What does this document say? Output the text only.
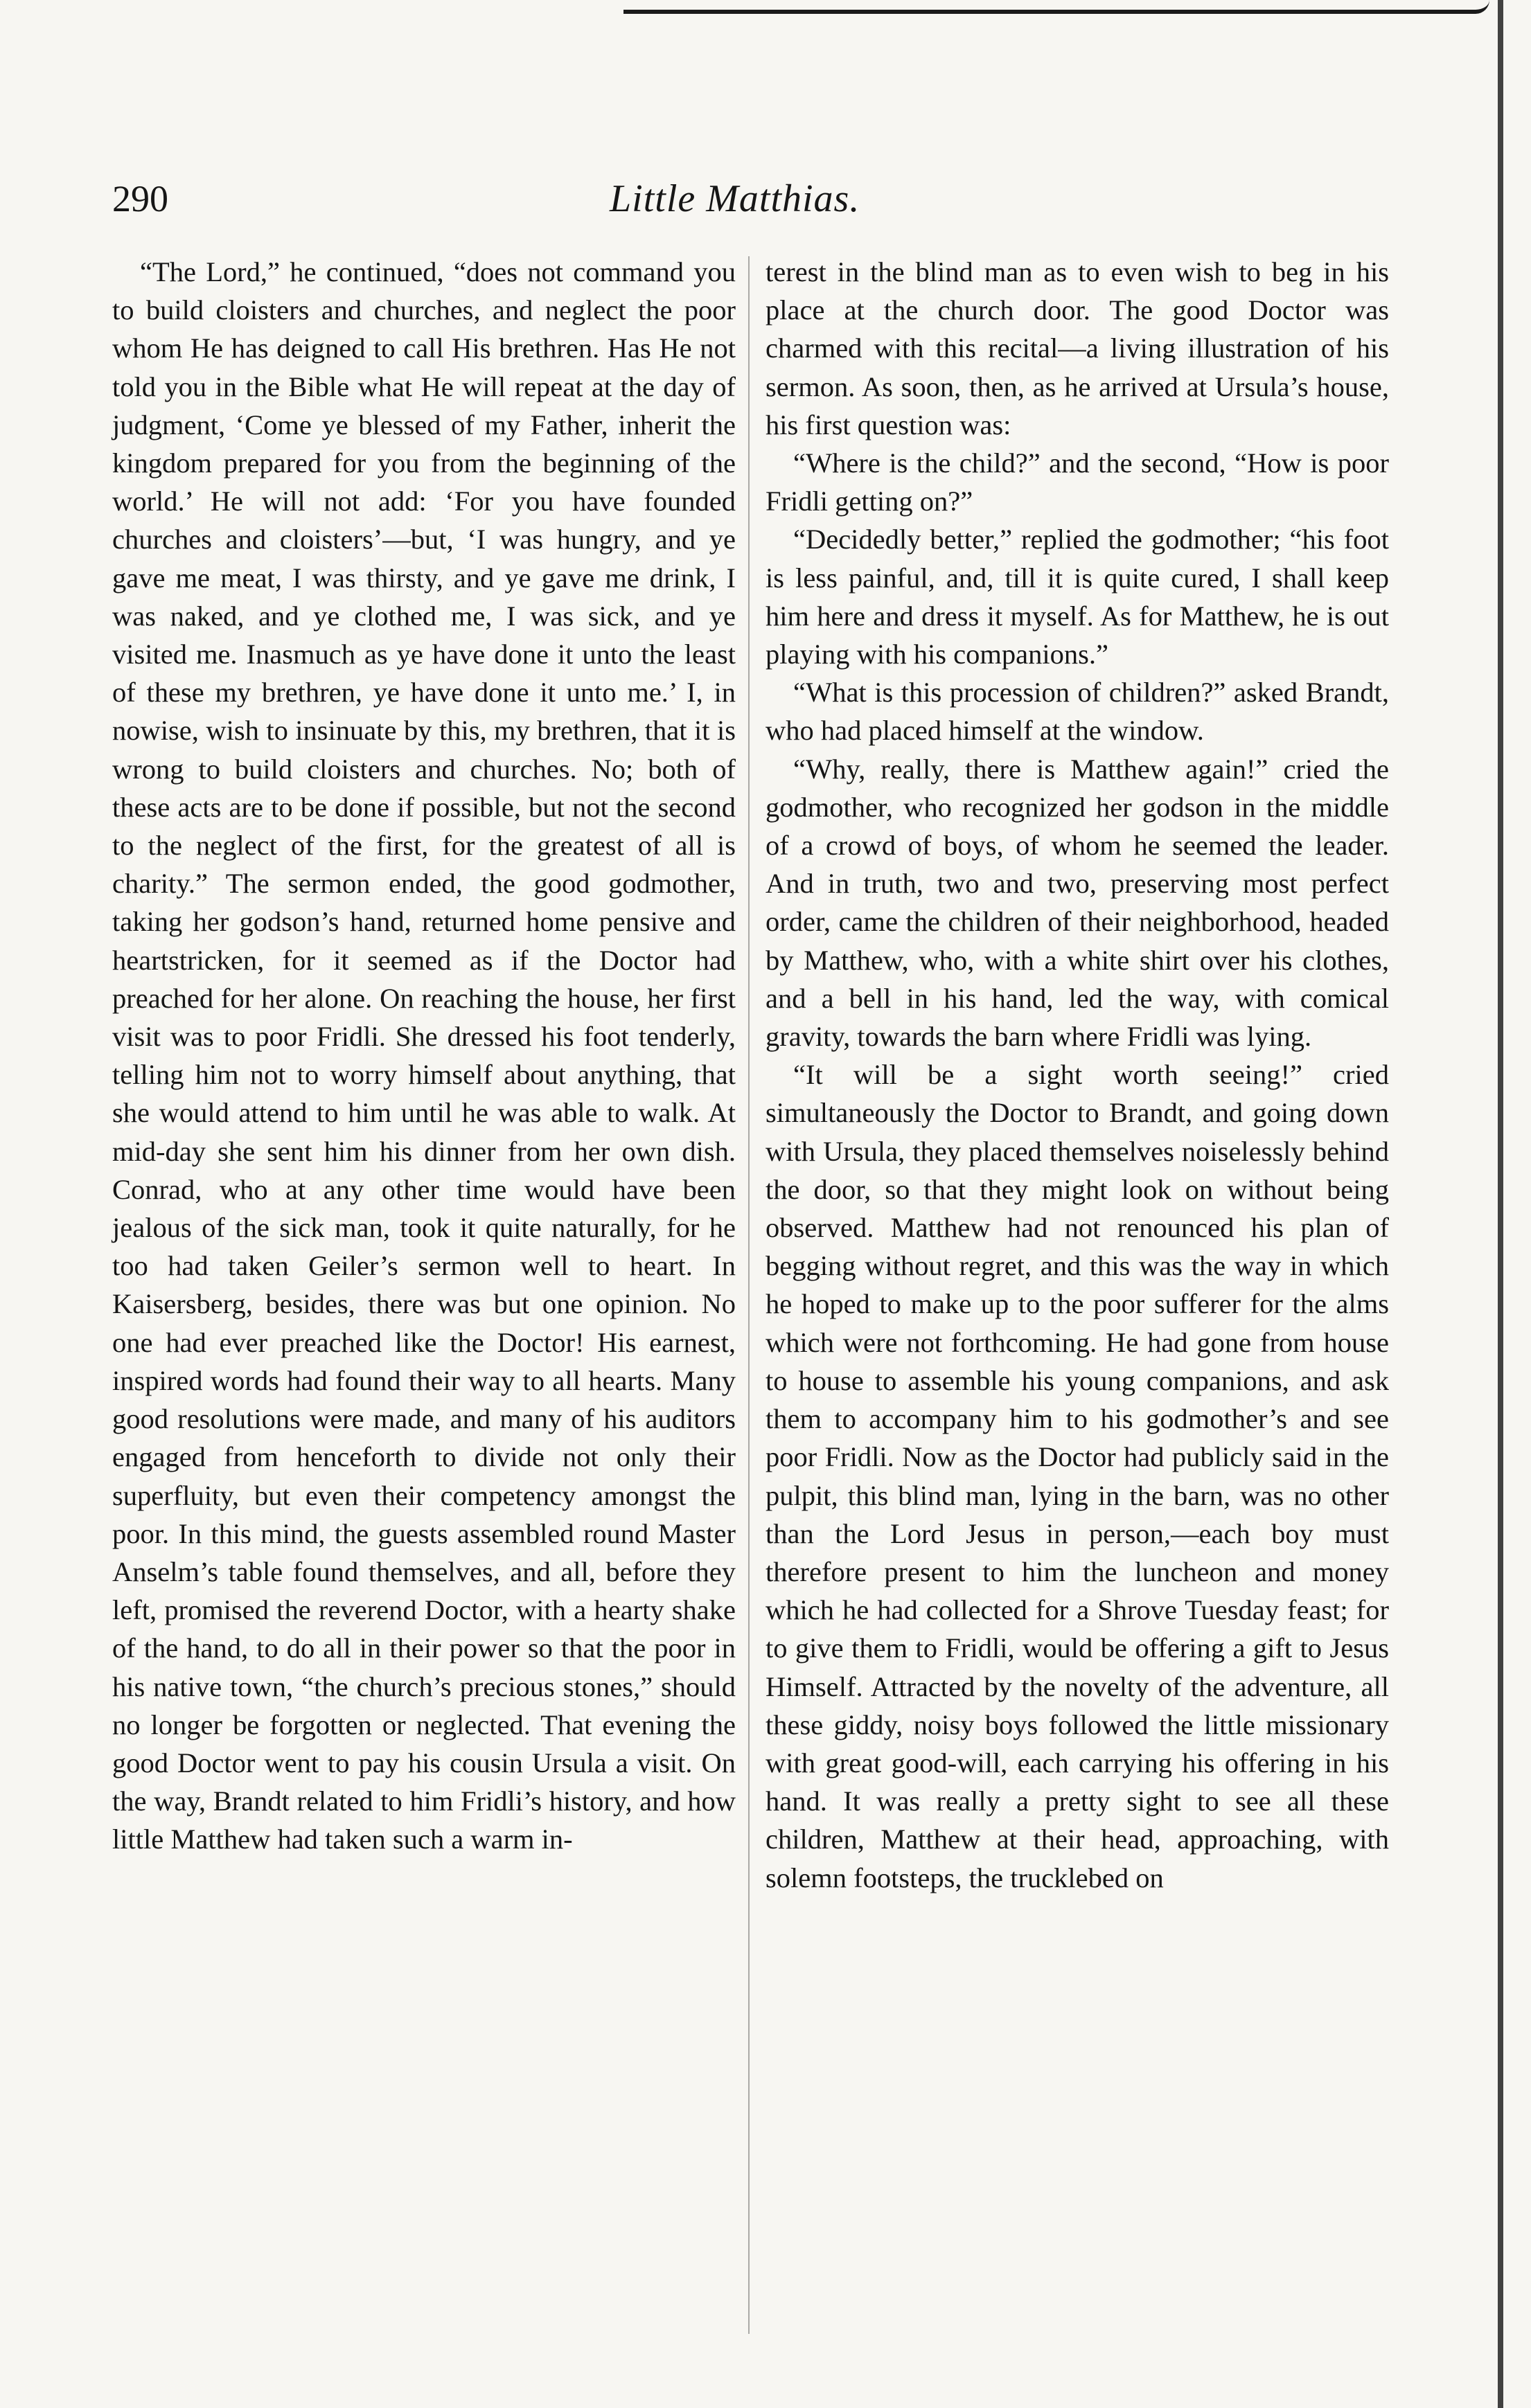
290	Little Matthias.

“The Lord,” he continued, “does not command you to build cloisters and churches, and neglect the poor whom He has deigned to call His brethren. Has He not told you in the Bible what He will repeat at the day of judgment, ‘Come ye blessed of my Father, inherit the kingdom prepared for you from the beginning of the world.’ He will not add: ‘For you have founded churches and cloisters’—but, ‘I was hungry, and ye gave me meat, I was thirsty, and ye gave me drink, I was naked, and ye clothed me, I was sick, and ye visited me. Inasmuch as ye have done it unto the least of these my brethren, ye have done it unto me.’ I, in nowise, wish to insinuate by this, my brethren, that it is wrong to build cloisters and churches. No; both of these acts are to be done if possible, but not the second to the neglect of the first, for the greatest of all is charity.” The sermon ended, the good godmother, taking her godson’s hand, returned home pensive and heartstricken, for it seemed as if the Doctor had preached for her alone. On reaching the house, her first visit was to poor Fridli. She dressed his foot tenderly, telling him not to worry himself about anything, that she would attend to him until he was able to walk. At mid-day she sent him his dinner from her own dish. Conrad, who at any other time would have been jealous of the sick man, took it quite naturally, for he too had taken Geiler’s sermon well to heart. In Kaisersberg, besides, there was but one opinion. No one had ever preached like the Doctor! His earnest, inspired words had found their way to all hearts. Many good resolutions were made, and many of his auditors engaged from henceforth to divide not only their superfluity, but even their competency amongst the poor. In this mind, the guests assembled round Master Anselm’s table found themselves, and all, before they left, promised the reverend Doctor, with a hearty shake of the hand, to do all in their power so that the poor in his native town, “the church’s precious stones,” should no longer be forgotten or neglected. That evening the good Doctor went to pay his cousin Ursula a visit. On the way, Brandt related to him Fridli’s history, and how little Matthew had taken such a warm in-

terest in the blind man as to even wish to beg in his place at the church door. The good Doctor was charmed with this recital—a living illustration of his sermon. As soon, then, as he arrived at Ursula’s house, his first question was:

“Where is the child?” and the second, “How is poor Fridli getting on?”

“Decidedly better,” replied the godmother; “his foot is less painful, and, till it is quite cured, I shall keep him here and dress it myself. As for Matthew, he is out playing with his companions.”

“What is this procession of children?” asked Brandt, who had placed himself at the window.

“Why, really, there is Matthew again!” cried the godmother, who recognized her godson in the middle of a crowd of boys, of whom he seemed the leader. And in truth, two and two, preserving most perfect order, came the children of their neighborhood, headed by Matthew, who, with a white shirt over his clothes, and a bell in his hand, led the way, with comical gravity, towards the barn where Fridli was lying.

“It will be a sight worth seeing!” cried simultaneously the Doctor to Brandt, and going down with Ursula, they placed themselves noiselessly behind the door, so that they might look on without being observed. Matthew had not renounced his plan of begging without regret, and this was the way in which he hoped to make up to the poor sufferer for the alms which were not forthcoming. He had gone from house to house to assemble his young companions, and ask them to accompany him to his godmother’s and see poor Fridli. Now as the Doctor had publicly said in the pulpit, this blind man, lying in the barn, was no other than the Lord Jesus in person,—each boy must therefore present to him the luncheon and money which he had collected for a Shrove Tuesday feast; for to give them to Fridli, would be offering a gift to Jesus Himself. Attracted by the novelty of the adventure, all these giddy, noisy boys followed the little missionary with great good-will, each carrying his offering in his hand. It was really a pretty sight to see all these children, Matthew at their head, approaching, with solemn footsteps, the trucklebed on
